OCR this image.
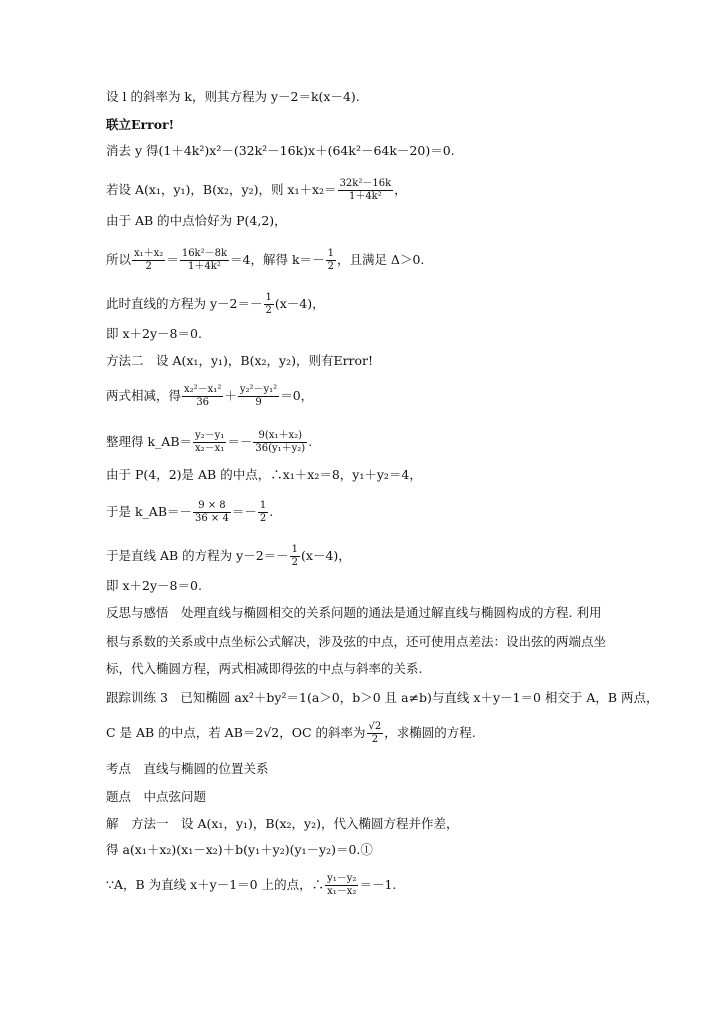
设 l 的斜率为 k，则其方程为 y－2＝k(x－4).
联立Error!
消去 y 得(1＋4k²)x²－(32k²－16k)x＋(64k²－64k－20)＝0.
若设 A(x₁，y₁)，B(x₂，y₂)，则 $x_1+x_2= \frac{\text{32k²－16k}}{\text{1＋4k²}}$ ，
由于 AB 的中点恰好为 P(4,2)，
所以 $\frac{\text{x₁＋x₂}}{2} = \frac{\text{16k²－8k}}{\text{1＋4k²}} =4$，解得 $k=- \frac{1}{2}$ ，且满足 Δ＞0.
此时直线的方程为 $y-2=- \frac{1}{2} (x-4)$，
即 x＋2y－8＝0.
方法二　设 A(x₁，y₁)，B(x₂，y₂)，则有Error!
两式相减，得 $\frac{\text{x₂²－x₁²}}{36} + \frac{\text{y₂²－y₁²}}{9} =0$，
整理得 k_AB＝ $\frac{\text{y₂－y₁}}{\text{x₂－x₁}} =- \frac{\text{9(x₁＋x₂)}}{\text{36(y₁＋y₂)}}$ .
由于 P(4，2)是 AB 的中点，∴x₁＋x₂＝8，y₁＋y₂＝4，
于是 k_AB＝－ $\frac{9 \times 8}{36 \times 4} =- \frac{1}{2}$ .
于是直线 AB 的方程为 $y-2=- \frac{1}{2} (x-4)$，
即 x＋2y－8＝0.
反思与感悟　处理直线与椭圆相交的关系问题的通法是通过解直线与椭圆构成的方程. 利用
根与系数的关系或中点坐标公式解决，涉及弦的中点，还可使用点差法：设出弦的两端点坐
标，代入椭圆方程，两式相减即得弦的中点与斜率的关系.
跟踪训练 3　已知椭圆 ax²＋by²＝1(a＞0，b＞0 且 a≠b)与直线 x＋y－1＝0 相交于 A，B 两点，
C 是 AB 的中点，若 AB＝2√2，OC 的斜率为 $\frac{√2}{2}$ ，求椭圆的方程.
考点　直线与椭圆的位置关系
题点　中点弦问题
解　方法一　设 A(x₁，y₁)，B(x₂，y₂)，代入椭圆方程并作差，
得 a(x₁＋x₂)(x₁－x₂)＋b(y₁＋y₂)(y₁－y₂)＝0.①
∵A，B 为直线 x＋y－1＝0 上的点，∴ $\frac{\text{y₁－y₂}}{\text{x₁－x₂}} =-1$.
